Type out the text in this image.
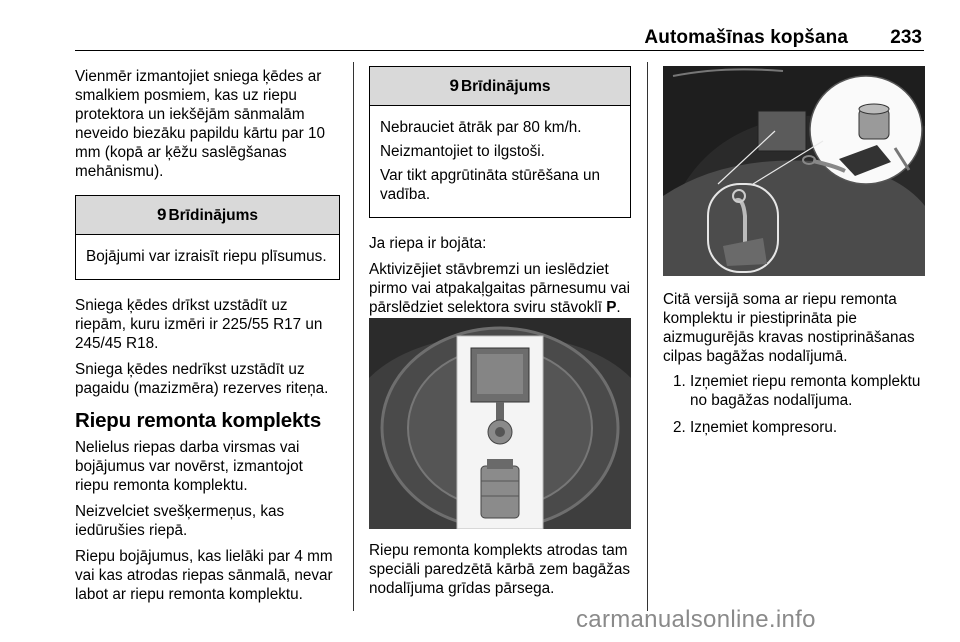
Automašīnas kopšana 233

Vienmēr izmantojiet sniega ķēdes ar smalkiem posmiem, kas uz riepu protektora un iekšējām sānmalām neveido biezāku papildu kārtu par 10 mm (kopā ar ķēžu saslēgšanas mehānismu).

9 Brīdinājums

Bojājumi var izraisīt riepu plīsumus.

Sniega ķēdes drīkst uzstādīt uz riepām, kuru izmēri ir 225/55 R17 un 245/45 R18.

Sniega ķēdes nedrīkst uzstādīt uz pagaidu (mazizmēra) rezerves riteņa.

Riepu remonta komplekts

Nelielus riepas darba virsmas vai bojājumus var novērst, izmantojot riepu remonta komplektu.

Neizvelciet svešķermeņus, kas iedūrušies riepā.

Riepu bojājumus, kas lielāki par 4 mm vai kas atrodas riepas sānmalā, nevar labot ar riepu remonta komplektu.

9 Brīdinājums

Nebrauciet ātrāk par 80 km/h.

Neizmantojiet to ilgstoši.

Var tikt apgrūtināta stūrēšana un vadība.

Ja riepa ir bojāta:

Aktivizējiet stāvbremzi un ieslēdziet pirmo vai atpakaļgaitas pārnesumu vai pārslēdziet selektora sviru stāvoklī P.

Riepu remonta komplekts atrodas tam speciāli paredzētā kārbā zem bagāžas nodalījuma grīdas pārsega.

Citā versijā soma ar riepu remonta komplektu ir piestiprināta pie aizmugurējās kravas nostiprināšanas cilpas bagāžas nodalījumā.

1. Izņemiet riepu remonta komplektu no bagāžas nodalījuma.
2. Izņemiet kompresoru.
carmanualsonline.info
